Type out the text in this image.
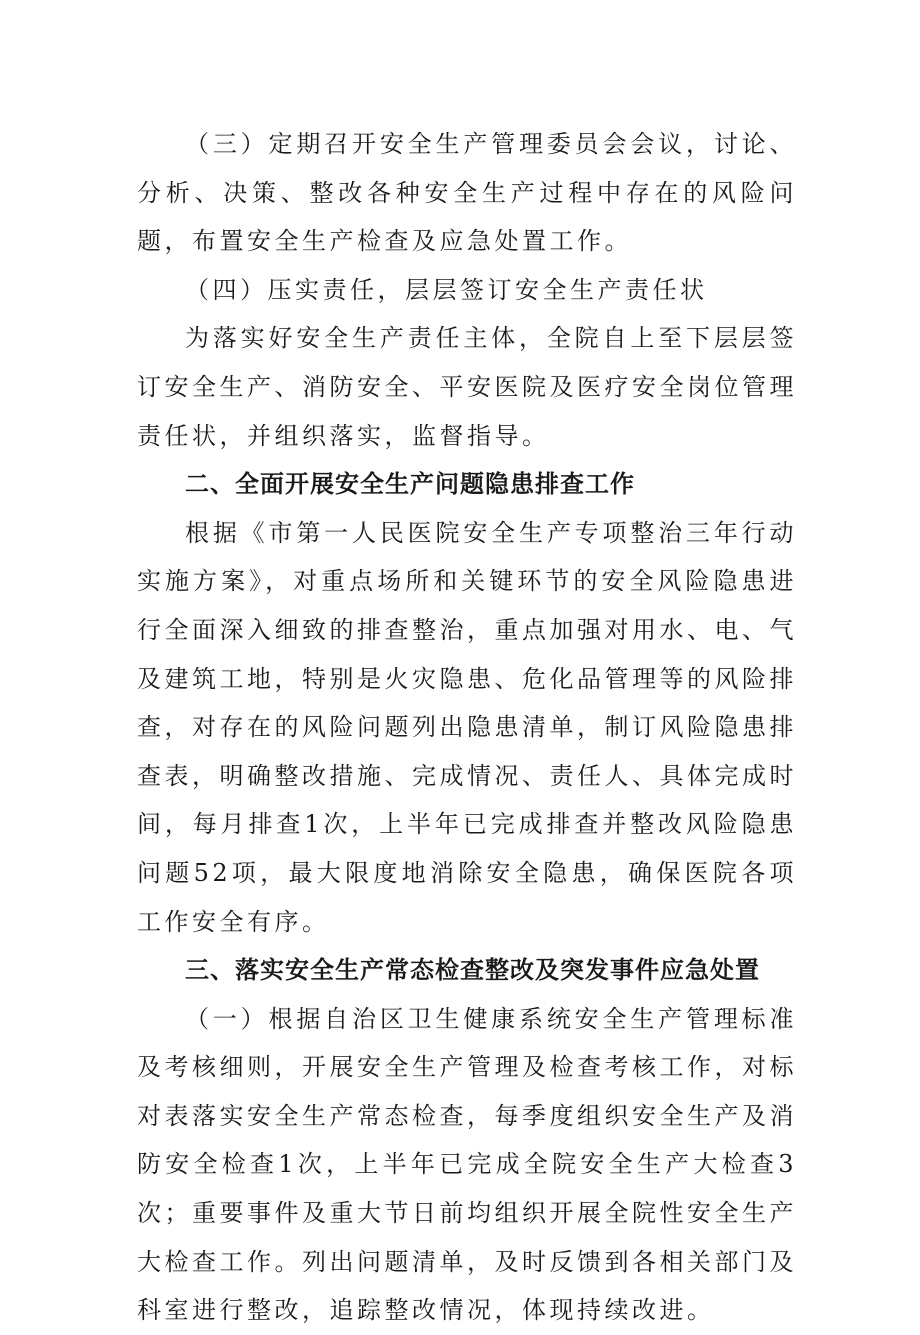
（三）定期召开安全生产管理委员会会议，讨论、分析、决策、整改各种安全生产过程中存在的风险问题，布置安全生产检查及应急处置工作。

（四）压实责任，层层签订安全生产责任状

为落实好安全生产责任主体，全院自上至下层层签订安全生产、消防安全、平安医院及医疗安全岗位管理责任状，并组织落实，监督指导。

二、全面开展安全生产问题隐患排查工作

根据《市第一人民医院安全生产专项整治三年行动实施方案》，对重点场所和关键环节的安全风险隐患进行全面深入细致的排查整治，重点加强对用水、电、气及建筑工地，特别是火灾隐患、危化品管理等的风险排查，对存在的风险问题列出隐患清单，制订风险隐患排查表，明确整改措施、完成情况、责任人、具体完成时间，每月排查1次，上半年已完成排查并整改风险隐患问题52项，最大限度地消除安全隐患，确保医院各项工作安全有序。

三、落实安全生产常态检查整改及突发事件应急处置

（一）根据自治区卫生健康系统安全生产管理标准及考核细则，开展安全生产管理及检查考核工作，对标对表落实安全生产常态检查，每季度组织安全生产及消防安全检查1次，上半年已完成全院安全生产大检查3次；重要事件及重大节日前均组织开展全院性安全生产大检查工作。列出问题清单，及时反馈到各相关部门及科室进行整改，追踪整改情况，体现持续改进。
